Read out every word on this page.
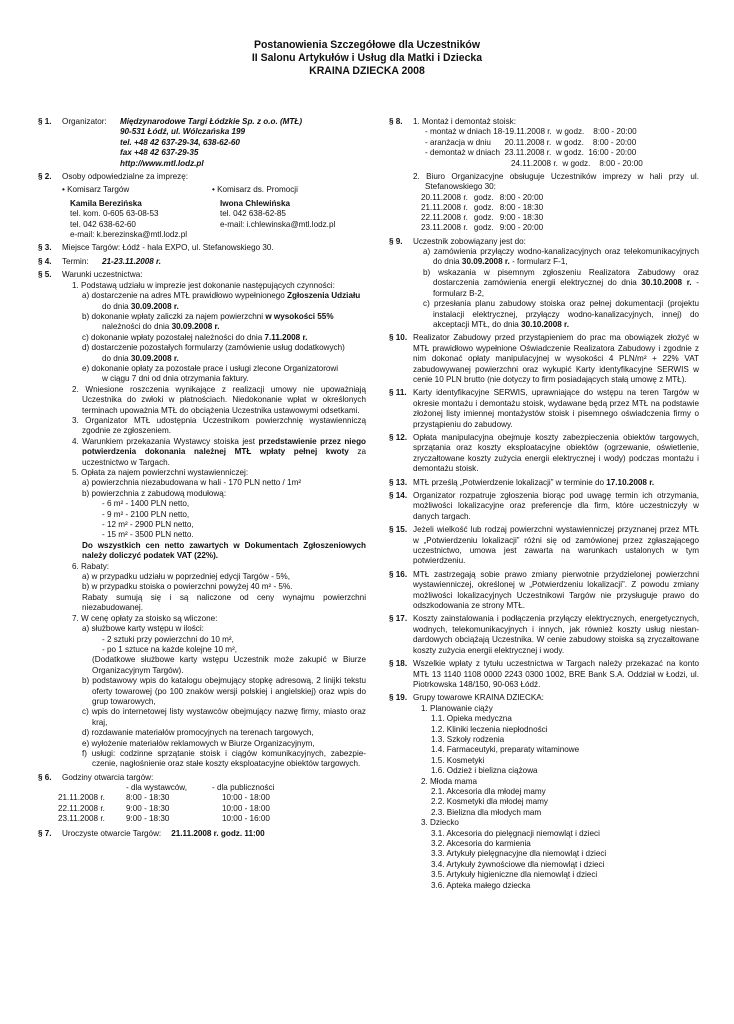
Postanowienia Szczegółowe dla Uczestników
II Salonu Artykułów i Usług dla Matki i Dziecka
KRAINA DZIECKA 2008
§ 1. Organizator:	Międzynarodowe Targi Łódzkie Sp. z o.o. (MTŁ)
90-531 Łódź, ul. Wólczańska 199
tel. +48 42 637-29-34, 638-62-60
fax +48 42 637-29-35
http://www.mtl.lodz.pl
§ 2. Osoby odpowiedzialne za imprezę:
• Komisarz Targów	• Komisarz ds. Promocji
Kamila Berezińska	Iwona Chlewińska
tel. kom. 0-605 63-08-53	tel. 042 638-62-85
tel. 042 638-62-60	e-mail: i.chlewinska@mtl.lodz.pl
e-mail: k.berezinska@mtl.lodz.pl
§ 3. Miejsce Targów: Łódź - hala EXPO, ul. Stefanowskiego 30.
§ 4. Termin:	21-23.11.2008 r.
§ 5. Warunki uczestnictwa:
1. Podstawą udziału w imprezie jest dokonanie następujących czynności:
a) dostarczenie na adres MTŁ prawidłowo wypełnionego Zgłoszenia Udziału
do dnia 30.09.2008 r.
b) dokonanie wpłaty zaliczki za najem powierzchni w wysokości 55%
należności do dnia 30.09.2008 r.
c) dokonanie wpłaty pozostałej należności do dnia 7.11.2008 r.
d) dostarczenie pozostałych formularzy (zamówienie usług dodatkowych)
do dnia 30.09.2008 r.
e) dokonanie opłaty za pozostałe prace i usługi zlecone Organizatorowi
w ciągu 7 dni od dnia otrzymania faktury.
2. Wniesione roszczenia wynikające z realizacji umowy nie upoważniają Uczestnika do zwłoki w płatnościach. Niedokonanie wpłat w określonych terminach upoważnia MTŁ do obciążenia Uczestnika ustawowymi odsetkami.
3. Organizator MTŁ udostępnia Uczestnikom powierzchnię wystawienniczą zgodnie ze zgłoszeniem.
4. Warunkiem przekazania Wystawcy stoiska jest przedstawienie przez niego potwierdzenia dokonania należnej MTŁ wpłaty pełnej kwoty za uczestnictwo w Targach.
5. Opłata za najem powierzchni wystawienniczej:
a) powierzchnia niezabudowana w hali - 170 PLN netto / 1m²
b) powierzchnia z zabudową modułową:
- 6 m² - 1400 PLN netto,
- 9 m² - 2100 PLN netto,
- 12 m² - 2900 PLN netto,
- 15 m² - 3500 PLN netto.
Do wszystkich cen netto zawartych w Dokumentach Zgłoszeniowych należy doliczyć podatek VAT (22%).
6. Rabaty:
a) w przypadku udziału w poprzedniej edycji Targów - 5%,
b) w przypadku stoiska o powierzchni powyżej 40 m² - 5%.
Rabaty sumują się i są naliczone od ceny wynajmu powierzchni niezabudowanej.
7. W cenę opłaty za stoisko są wliczone:
a) służbowe karty wstępu w ilości:
- 2 sztuki przy powierzchni do 10 m²,
- po 1 sztuce na każde kolejne 10 m²,
(Dodatkowe służbowe karty wstępu Uczestnik może zakupić w Biurze Organizacyjnym Targów).
b) podstawowy wpis do katalogu obejmujący stopkę adresową, 2 linijki tekstu oferty towarowej (po 100 znaków wersji polskiej i angielskiej) oraz wpis do grup towarowych,
c) wpis do internetowej listy wystawców obejmujący nazwę firmy, miasto oraz kraj,
d) rozdawanie materiałów promocyjnych na terenach targowych,
e) wyłożenie materiałów reklamowych w Biurze Organizacyjnym,
f) usługi: codzinne sprzątanie stoisk i ciągów komunikacyjnych, zabezpieczenie, nagłośnienie oraz stałe koszty eksploatacyjne obiektów targowych.
§ 6. Godziny otwarcia targów:
	- dla wystawców,	- dla publiczności
21.11.2008 r.	8:00 - 18:30	10:00 - 18:00
22.11.2008 r.	9:00 - 18:30	10:00 - 18:00
23.11.2008 r.	9:00 - 18:30	10:00 - 16:00
§ 7. Uroczyste otwarcie Targów: 21.11.2008 r. godz. 11:00
§ 8. 1. Montaż i demontaż stoisk:
- montaż w dniach 18-19.11.2008 r.  w godz.    8:00 - 20:00
- aranżacja w dniu      20.11.2008 r.  w godz.    8:00 - 20:00
- demontaż w dniach  23.11.2008 r.  w godz.  16:00 - 20:00
24.11.2008 r.  w godz.    8:00 - 20:00
2. Biuro Organizacyjne obsługuje Uczestników imprezy w hali przy ul. Stefanowskiego 30:
20.11.2008 r.	godz.	8:00 - 20:00
21.11.2008 r.	godz.	8:00 - 18:30
22.11.2008 r.	godz.	9:00 - 18:30
23.11.2008 r.	godz.	9:00 - 20:00
§ 9. Uczestnik zobowiązany jest do:
a) zamówienia przyłączy wodno-kanalizacyjnych oraz telekomunikacyjnych do dnia 30.09.2008 r. - formularz F-1,
b) wskazania w pisemnym zgłoszeniu Realizatora Zabudowy oraz dostarczenia zamówienia energii elektrycznej do dnia 30.10.2008 r. - formularz B-2,
c) przesłania planu zabudowy stoiska oraz pełnej dokumentacji (projektu instalacji elektrycznej, przyłączy wodno-kanalizacyjnych, innej) do akceptacji MTŁ, do dnia 30.10.2008 r.
§ 10. Realizator Zabudowy przed przystąpieniem do prac ma obowiązek złożyć w MTŁ prawidłowo wypełnione Oświadczenie Realizatora Zabudowy i zgodnie z nim dokonać opłaty manipulacyjnej w wysokości 4 PLN/m² + 22% VAT zabudowywanej powierzchni oraz wykupić Karty identyfikacyjne SERWIS w cenie 10 PLN brutto (nie dotyczy to firm posiadających stałą umowę z MTŁ).
§ 11. Karty identyfikacyjne SERWIS, uprawniające do wstępu na teren Targów w okresie montażu i demontażu stoisk, wydawane będą przez MTŁ na podstawie złożonej listy imiennej montażystów stoisk i pisemnego oświadczenia firmy o przystąpieniu do zabudowy.
§ 12. Opłata manipulacyjna obejmuje koszty zabezpieczenia obiektów targowych, sprzątania oraz koszty eksploatacyjne obiektów (ogrzewanie, oświetlenie, zryczałtowane koszty zużycia energii elektrycznej i wody) podczas montażu i demontażu stoisk.
§ 13. MTŁ prześlą „Potwierdzenie lokalizacji” w terminie do 17.10.2008 r.
§ 14. Organizator rozpatruje zgłoszenia biorąc pod uwagę termin ich otrzymania, możliwości lokalizacyjne oraz preferencje dla firm, które uczestniczyły w danych targach.
§ 15. Jeżeli wielkość lub rodzaj powierzchni wystawienniczej przyznanej przez MTŁ w „Potwierdzeniu lokalizacji” różni się od zamówionej przez zgłaszającego uczestnictwo, umowa jest zawarta na warunkach ustalonych w tym potwierdzeniu.
§ 16. MTŁ zastrzegają sobie prawo zmiany pierwotnie przydzielonej powierzchni wystawienniczej, określonej w „Potwierdzeniu lokalizacji”. Z powodu zmiany możliwości lokalizacyjnych Uczestnikowi Targów nie przysługuje prawo do odszkodowania ze strony MTŁ.
§ 17. Koszty zainstalowania i podłączenia przyłączy elektrycznych, energetycznych, wodnych, telekomunikacyjnych i innych, jak również koszty usług niestandardowych obciążają Uczestnika. W cenie zabudowy stoiska są zryczałtowane koszty zużycia energii elektrycznej i wody.
§ 18. Wszelkie wpłaty z tytułu uczestnictwa w Targach należy przekazać na konto MTŁ 13 1140 1108 0000 2243 0300 1002, BRE Bank S.A. Oddział w Łodzi, ul. Piotrkowska 148/150, 90-063 Łódź.
§ 19. Grupy towarowe KRAINA DZIECKA:
1. Planowanie ciąży
1.1. Opieka medyczna
1.2. Kliniki leczenia niepłodności
1.3. Szkoły rodzenia
1.4. Farmaceutyki, preparaty witaminowe
1.5. Kosmetyki
1.6. Odzież i bielizna ciążowa
2. Młoda mama
2.1. Akcesoria dla młodej mamy
2.2. Kosmetyki dla młodej mamy
2.3. Bielizna dla młodych mam
3. Dziecko
3.1. Akcesoria do pielęgnacji niemowląt i dzieci
3.2. Akcesoria do karmienia
3.3. Artykuły pielęgnacyjne dla niemowląt i dzieci
3.4. Artykuły żywnościowe dla niemowląt i dzieci
3.5. Artykuły higieniczne dla niemowląt i dzieci
3.6. Apteka małego dziecka
